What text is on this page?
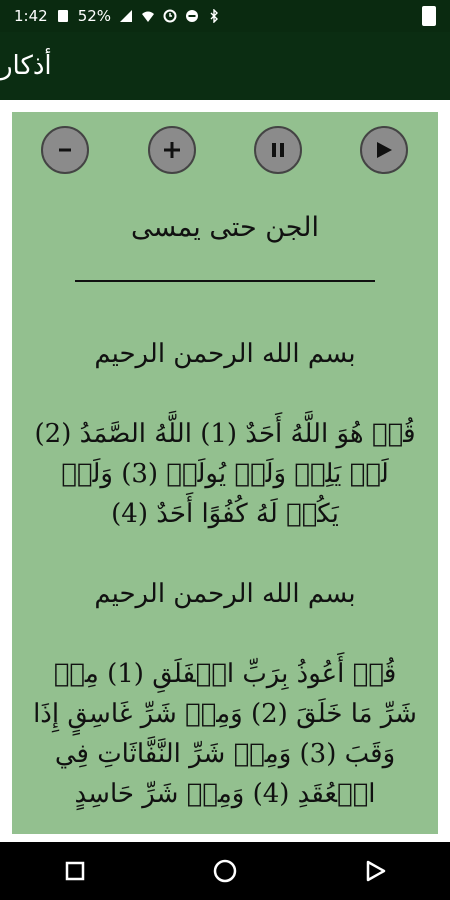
1:42 52%
أذكار
الجن حتى يمسى

بسم الله الرحمن الرحيم

قُلۡ هُوَ اللَّهُ أَحَدٌ (1) اللَّهُ الصَّمَدُ (2) لَمۡ يَلِدۡ وَلَمۡ يُولَدۡ (3) وَلَمۡ يَكُنۡ لَهُ كُفُوًا أَحَدٌ (4)

بسم الله الرحمن الرحيم

قُلۡ أَعُوذُ بِرَبِّ الۡفَلَقِ (1) مِنۡ شَرِّ مَا خَلَقَ (2) وَمِنۡ شَرِّ غَاسِقٍ إِذَا وَقَبَ (3) وَمِنۡ شَرِّ النَّفَّاثَاتِ فِي الۡعُقَدِ (4) وَمِنۡ شَرِّ حَاسِدٍ
